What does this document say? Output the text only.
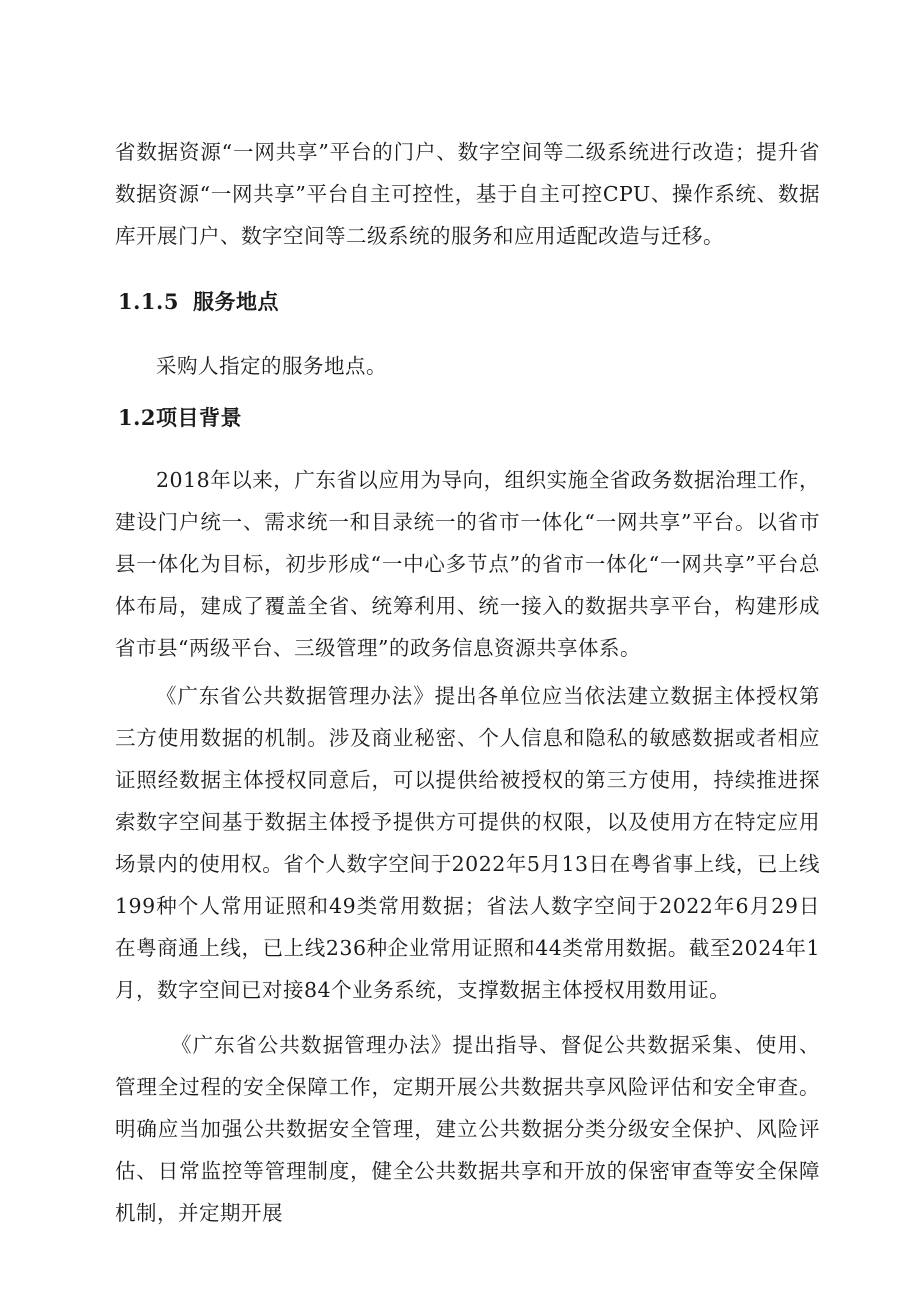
省数据资源“一网共享”平台的门户、数字空间等二级系统进行改造；提升省数据资源“一网共享”平台自主可控性，基于自主可控CPU、操作系统、数据库开展门户、数字空间等二级系统的服务和应用适配改造与迁移。

1.1.5 服务地点

采购人指定的服务地点。

1.2项目背景

2018年以来，广东省以应用为导向，组织实施全省政务数据治理工作，建设门户统一、需求统一和目录统一的省市一体化“一网共享”平台。以省市县一体化为目标，初步形成“一中心多节点”的省市一体化“一网共享”平台总体布局，建成了覆盖全省、统筹利用、统一接入的数据共享平台，构建形成省市县“两级平台、三级管理”的政务信息资源共享体系。

《广东省公共数据管理办法》提出各单位应当依法建立数据主体授权第三方使用数据的机制。涉及商业秘密、个人信息和隐私的敏感数据或者相应证照经数据主体授权同意后，可以提供给被授权的第三方使用，持续推进探索数字空间基于数据主体授予提供方可提供的权限，以及使用方在特定应用场景内的使用权。省个人数字空间于2022年5月13日在粤省事上线，已上线199种个人常用证照和49类常用数据；省法人数字空间于2022年6月29日在粤商通上线，已上线236种企业常用证照和44类常用数据。截至2024年1月，数字空间已对接84个业务系统，支撑数据主体授权用数用证。

《广东省公共数据管理办法》提出指导、督促公共数据采集、使用、管理全过程的安全保障工作，定期开展公共数据共享风险评估和安全审查。明确应当加强公共数据安全管理，建立公共数据分类分级安全保护、风险评估、日常监控等管理制度，健全公共数据共享和开放的保密审查等安全保障机制，并定期开展
